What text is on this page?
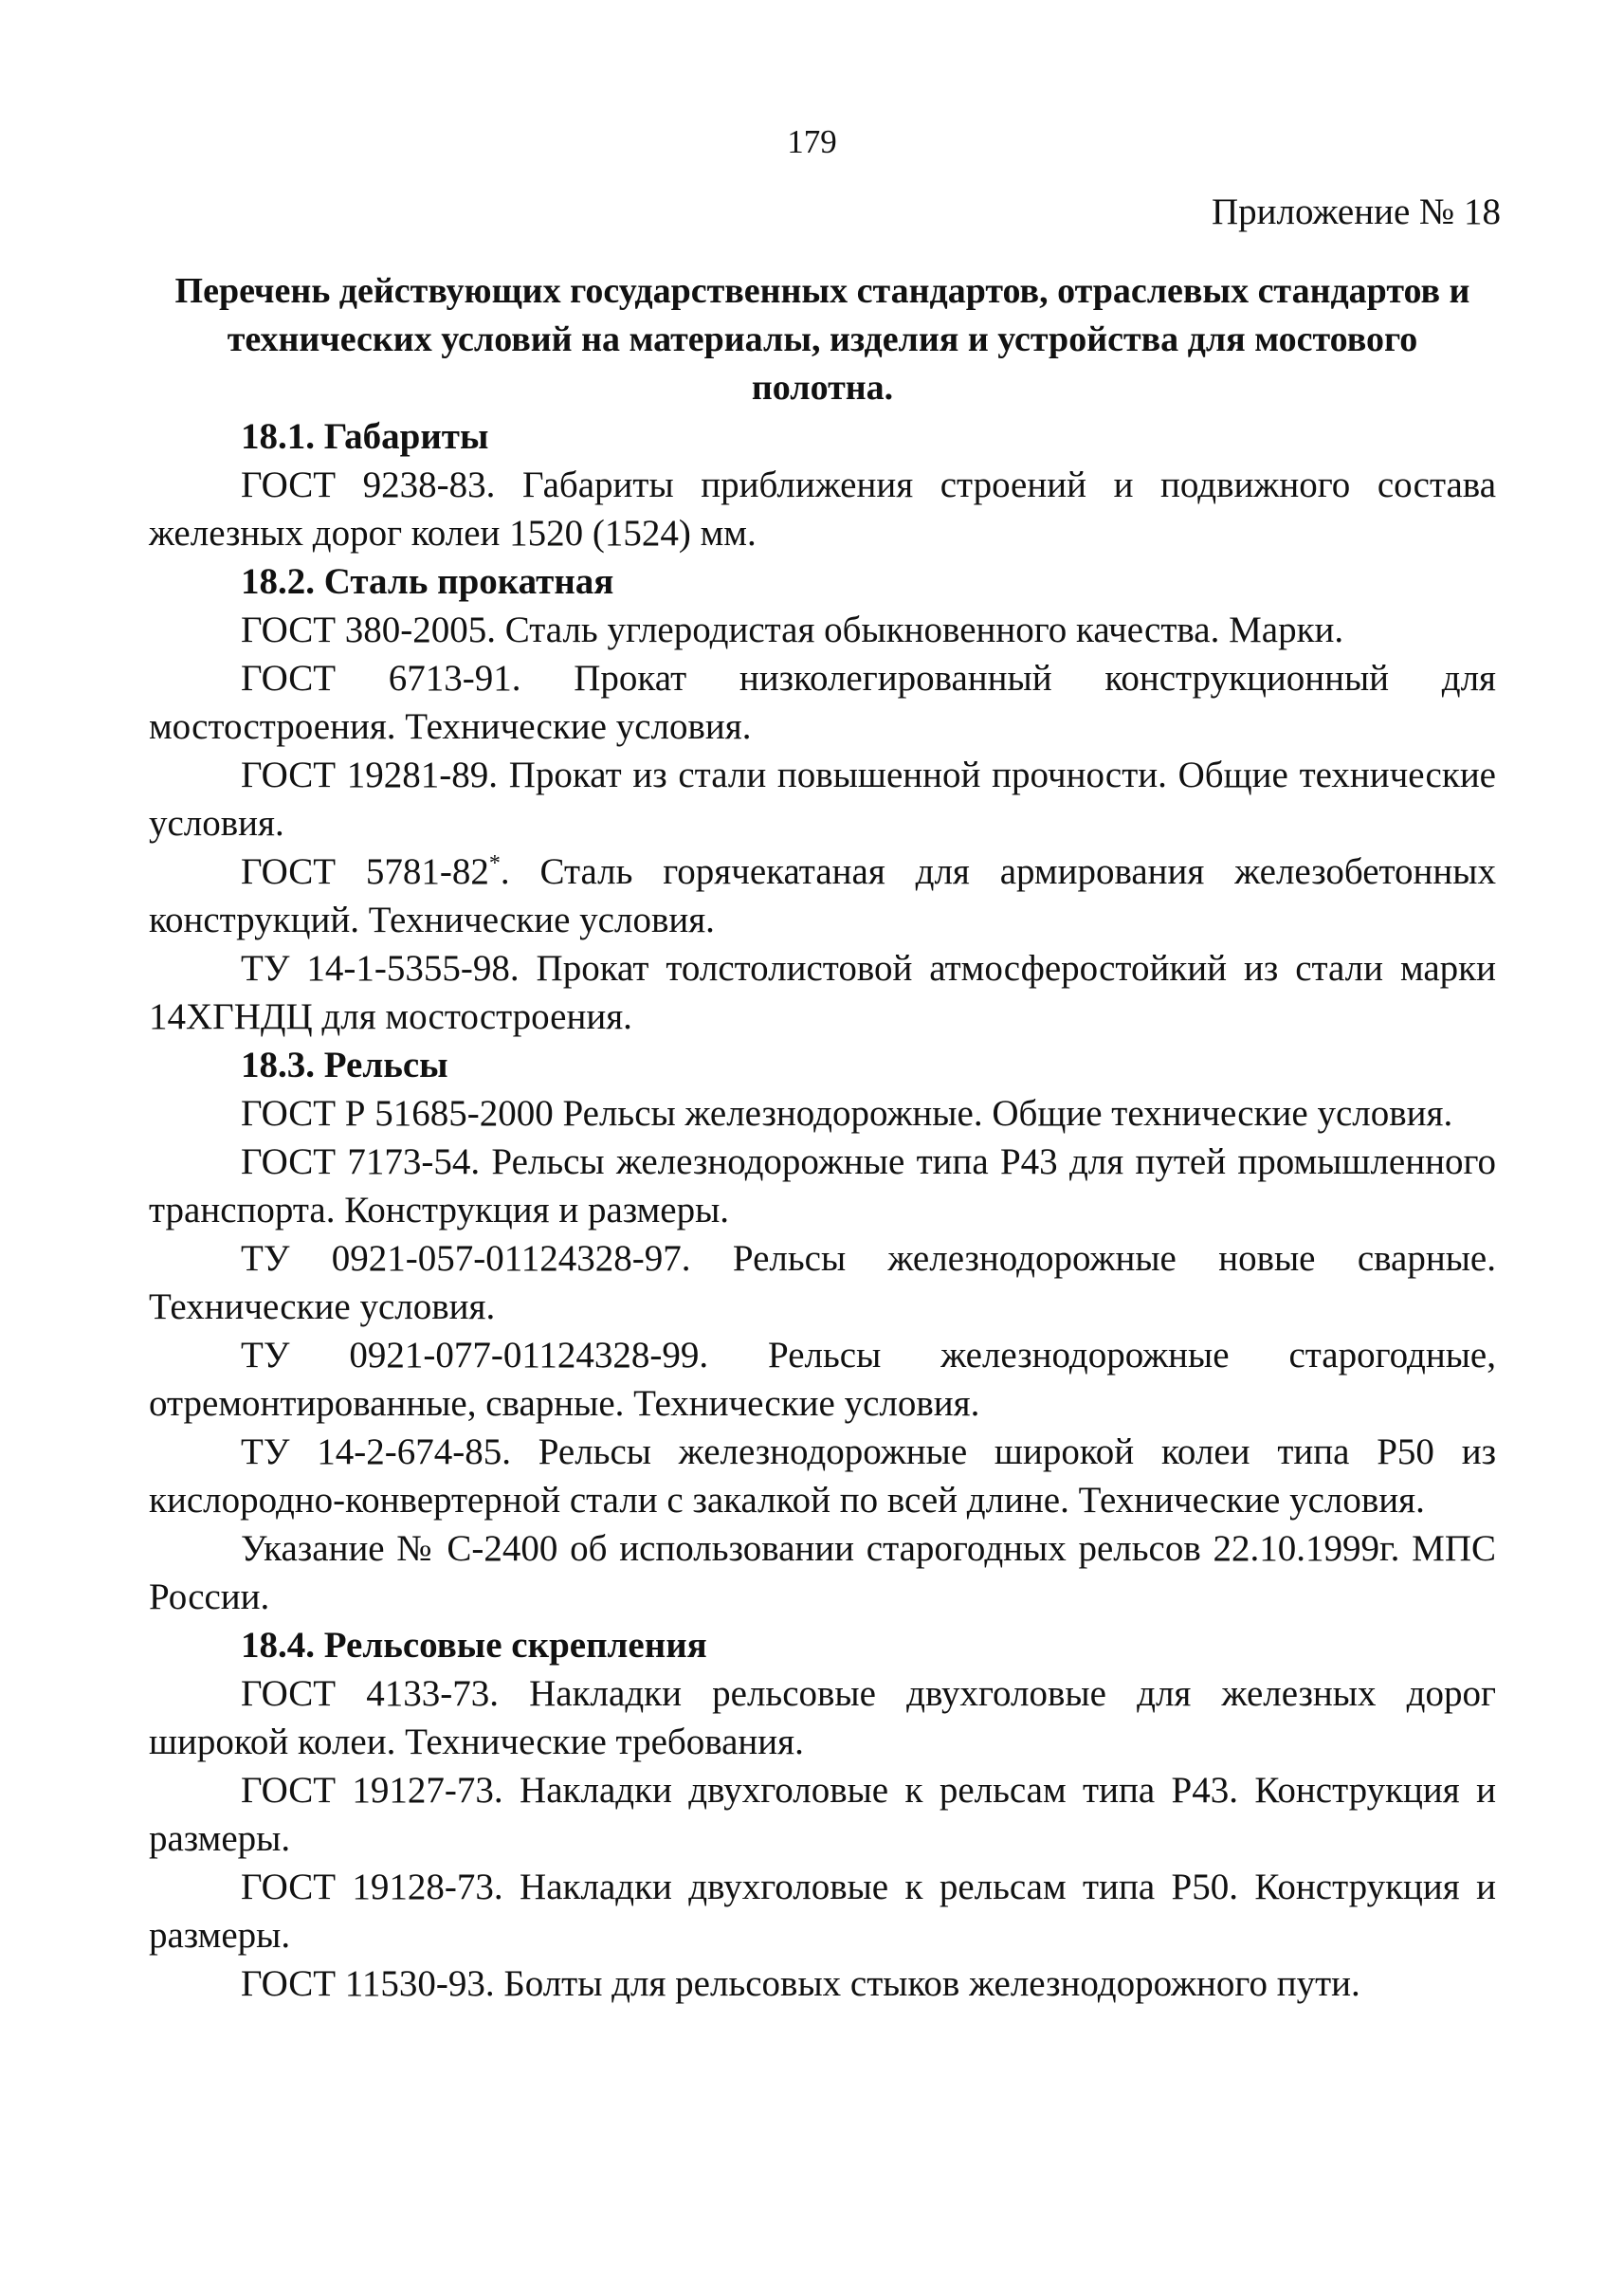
179
Приложение № 18

Перечень действующих государственных стандартов, отраслевых стандартов и технических условий на материалы, изделия и устройства для мостового полотна.

18.1. Габариты

ГОСТ 9238-83. Габариты приближения строений и подвижного состава железных дорог колеи 1520 (1524) мм.

18.2. Сталь прокатная

ГОСТ 380-2005. Сталь углеродистая обыкновенного качества. Марки.

ГОСТ 6713-91. Прокат низколегированный конструкционный для мостостроения. Технические условия.

ГОСТ 19281-89. Прокат из стали повышенной прочности. Общие технические условия.

ГОСТ 5781-82*. Сталь горячекатаная для армирования железобетонных конструкций. Технические условия.

ТУ 14-1-5355-98. Прокат толстолистовой атмосферостойкий из стали марки 14ХГНДЦ для мостостроения.

18.3. Рельсы

ГОСТ Р 51685-2000 Рельсы железнодорожные. Общие технические условия.

ГОСТ 7173-54. Рельсы железнодорожные типа Р43 для путей промышленного транспорта. Конструкция и размеры.

ТУ 0921-057-01124328-97. Рельсы железнодорожные новые сварные. Технические условия.

ТУ 0921-077-01124328-99. Рельсы железнодорожные старогодные, отремонтированные, сварные. Технические условия.

ТУ 14-2-674-85. Рельсы железнодорожные широкой колеи типа Р50 из кислородно-конвертерной стали с закалкой по всей длине. Технические условия.

Указание № С-2400 об использовании старогодных рельсов 22.10.1999г. МПС России.

18.4. Рельсовые скрепления

ГОСТ 4133-73. Накладки рельсовые двухголовые для железных дорог широкой колеи. Технические требования.

ГОСТ 19127-73. Накладки двухголовые к рельсам типа Р43. Конструкция и размеры.

ГОСТ 19128-73. Накладки двухголовые к рельсам типа Р50. Конструкция и размеры.

ГОСТ 11530-93. Болты для рельсовых стыков железнодорожного пути.
